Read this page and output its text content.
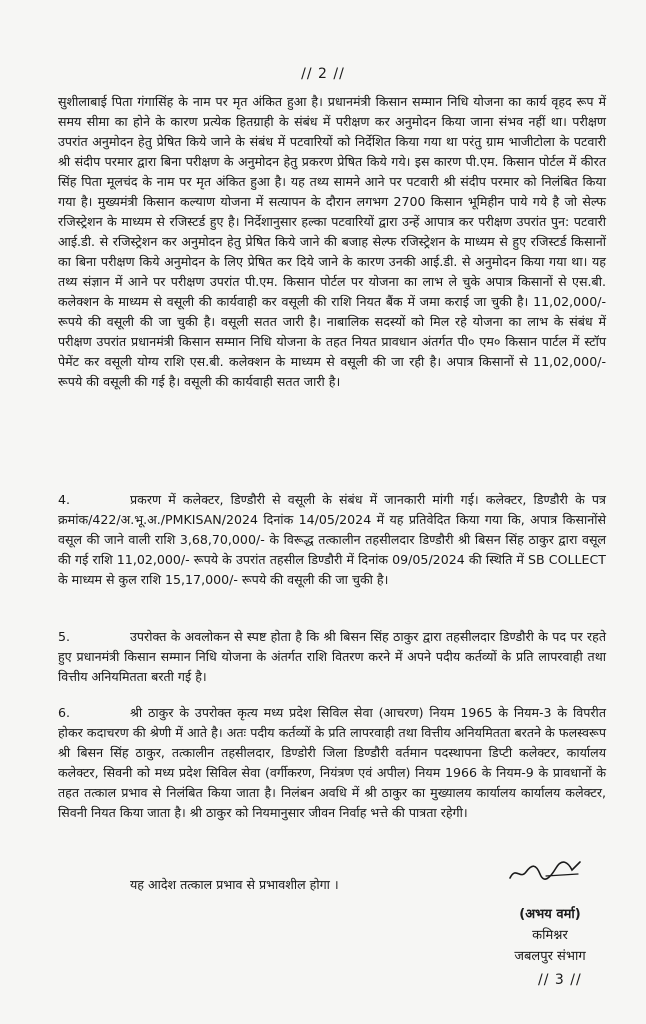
// 2 //

सुशीलाबाई पिता गंगासिंह के नाम पर मृत अंकित हुआ है। प्रधानमंत्री किसान सम्मान निधि योजना का कार्य वृहद रूप में समय सीमा का होने के कारण प्रत्येक हितग्राही के संबंध में परीक्षण कर अनुमोदन किया जाना संभव नहीं था। परीक्षण उपरांत अनुमोदन हेतु प्रेषित किये जाने के संबंध में पटवारियों को निर्देशित किया गया था परंतु ग्राम भाजीटोला के पटवारी श्री संदीप परमार द्वारा बिना परीक्षण के अनुमोदन हेतु प्रकरण प्रेषित किये गये। इस कारण पी.एम. किसान पोर्टल में कीरत सिंह पिता मूलचंद के नाम पर मृत अंकित हुआ है। यह तथ्य सामने आने पर पटवारी श्री संदीप परमार को निलंबित किया गया है। मुख्यमंत्री किसान कल्याण योजना में सत्यापन के दौरान लगभग 2700 किसान भूमिहीन पाये गये है जो सेल्फ रजिस्ट्रेशन के माध्यम से रजिस्टर्ड हुए है। निर्देशानुसार हल्का पटवारियों द्वारा उन्हें आपात्र कर परीक्षण उपरांत पुन: पटवारी आई.डी. से रजिस्ट्रेशन कर अनुमोदन हेतु प्रेषित किये जाने की बजाह सेल्फ रजिस्ट्रेशन के माध्यम से हुए रजिस्टर्ड किसानों का बिना परीक्षण किये अनुमोदन के लिए प्रेषित कर दिये जाने के कारण उनकी आई.डी. से अनुमोदन किया गया था। यह तथ्य संज्ञान में आने पर परीक्षण उपरांत पी.एम. किसान पोर्टल पर योजना का लाभ ले चुके अपात्र किसानों से एस.बी. कलेक्शन के माध्यम से वसूली की कार्यवाही कर वसूली की राशि नियत बैंक में जमा कराई जा चुकी है। 11,02,000/- रूपये की वसूली की जा चुकी है। वसूली सतत जारी है। नाबालिक सदस्यों को मिल रहे योजना का लाभ के संबंध में परीक्षण उपरांत प्रधानमंत्री किसान सम्मान निधि योजना के तहत नियत प्रावधान अंतर्गत पी० एम० किसान पार्टल में स्टॉप पेमेंट कर वसूली योग्य राशि एस.बी. कलेक्शन के माध्यम से वसूली की जा रही है। अपात्र किसानों से 11,02,000/- रूपये की वसूली की गई है। वसूली की कार्यवाही सतत जारी है।

4.	प्रकरण में कलेक्टर, डिण्डौरी से वसूली के संबंध में जानकारी मांगी गई। कलेक्टर, डिण्डौरी के पत्र क्रमांक/422/अ.भू.अ./PMKISAN/2024 दिनांक 14/05/2024 में यह प्रतिवेदित किया गया कि, अपात्र किसानोंसे वसूल की जाने वाली राशि 3,68,70,000/- के विरूद्ध तत्कालीन तहसीलदार डिण्डौरी श्री बिसन सिंह ठाकुर द्वारा वसूल की गई राशि 11,02,000/- रूपये के उपरांत तहसील डिण्डौरी में दिनांक 09/05/2024 की स्थिति में SB COLLECT के माध्यम से कुल राशि 15,17,000/- रूपये की वसूली की जा चुकी है।

5.	उपरोक्त के अवलोकन से स्पष्ट होता है कि श्री बिसन सिंह ठाकुर द्वारा तहसीलदार डिण्डौरी के पद पर रहते हुए प्रधानमंत्री किसान सम्मान निधि योजना के अंतर्गत राशि वितरण करने में अपने पदीय कर्तव्यों के प्रति लापरवाही तथा वित्तीय अनियमितता बरती गई है।

6.	श्री ठाकुर के उपरोक्त कृत्य मध्य प्रदेश सिविल सेवा (आचरण) नियम 1965 के नियम-3 के विपरीत होकर कदाचरण की श्रेणी में आते है। अतः पदीय कर्तव्यों के प्रति लापरवाही तथा वित्तीय अनियमितता बरतने के फलस्वरूप श्री बिसन सिंह ठाकुर, तत्कालीन तहसीलदार, डिण्डोरी जिला डिण्डौरी वर्तमान पदस्थापना डिप्टी कलेक्टर, कार्यालय कलेक्टर, सिवनी को मध्य प्रदेश सिविल सेवा (वर्गीकरण, नियंत्रण एवं अपील) नियम 1966 के नियम-9 के प्रावधानों के तहत तत्काल प्रभाव से निलंबित किया जाता है। निलंबन अवधि में श्री ठाकुर का मुख्यालय कार्यालय कार्यालय कलेक्टर, सिवनी नियत किया जाता है। श्री ठाकुर को नियमानुसार जीवन निर्वाह भत्ते की पात्रता रहेगी।

यह आदेश तत्काल प्रभाव से प्रभावशील होगा ।
(अभय वर्मा)
कमिश्नर
जबलपुर संभाग
// 3 //
